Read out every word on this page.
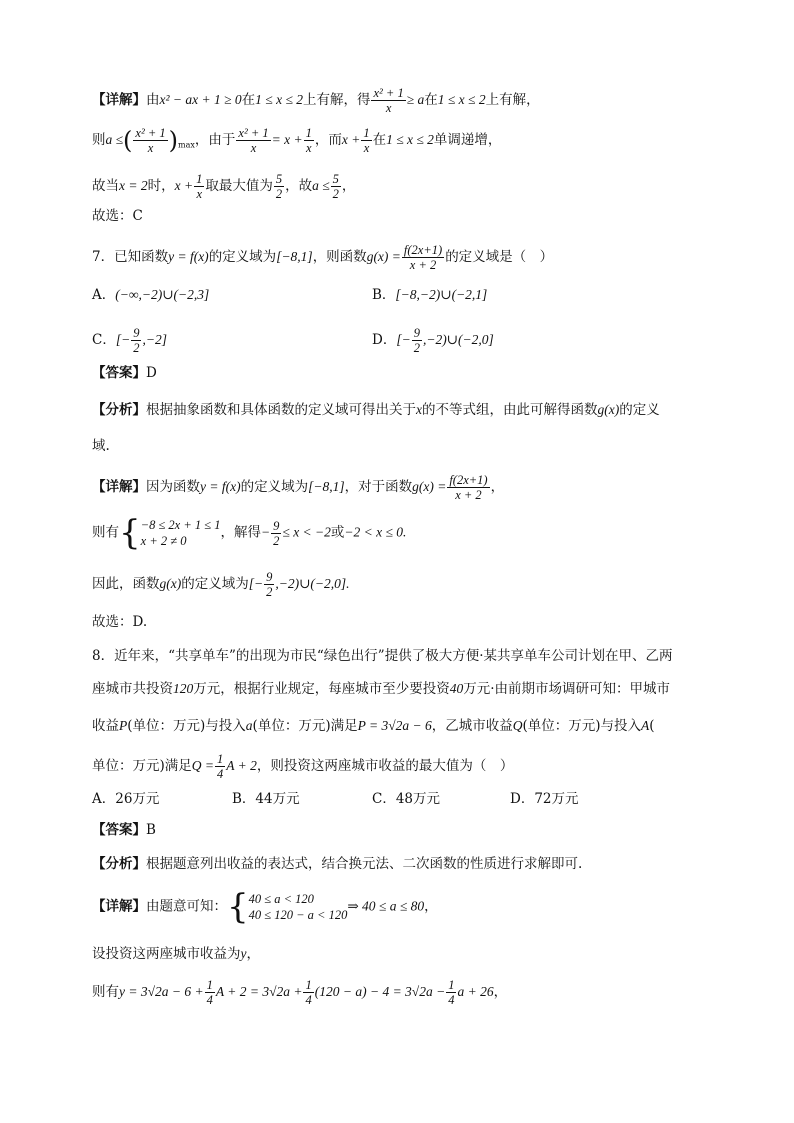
【详解】由x² − ax + 1 ≥ 0在1 ≤ x ≤ 2上有解，得 $\frac{\text{x² + 1}}{x} \ge a$在1 ≤ x ≤ 2上有解，
则a ≤( $\frac{\text{x² + 1}}{x} )_{max}$，由于 $\frac{\text{x² + 1}}{x} = x + \frac{1}{x}$ ，而$x + \frac{1}{x}$ 在1 ≤ x ≤ 2单调递增，
故当x = 2时，$x + \frac{1}{x}$ 取最大值为 $\frac{5}{2}$ ，故$a \le \frac{5}{2}$ ，
故选：C
7．已知函数y = f(x)的定义域为[−8,1]，则函数$g(x) = \frac{f(2x+1)}{x + 2}$ 的定义域是（　）
A．(−∞,−2)∪(−2,3]	B．[−8,−2)∪(−2,1]
C．[− $\frac{9}{2} ,-2$]	D．[− $\frac{9}{2}$ ,−2)∪(−2,0]
【答案】D
【分析】根据抽象函数和具体函数的定义域可得出关于x的不等式组，由此可解得函数g(x)的定义
域.
【详解】因为函数y = f(x)的定义域为[−8,1]，对于函数$g(x) = \frac{f(2x+1)}{x + 2}$ ，
则有 { −8 ≤ 2x + 1 ≤ 1
x + 2 ≠ 0
，解得− $\frac{9}{2} \le x < -2$或−2 < x ≤ 0.
因此，函数g(x)的定义域为[− $\frac{9}{2}$ ,−2)∪(−2,0].
故选：D.
8．近年来，“共享单车”的出现为市民“绿色出行”提供了极大方便·某共享单车公司计划在甲、乙两
座城市共投资120万元，根据行业规定，每座城市至少要投资40万元·由前期市场调研可知：甲城市
收益P(单位：万元)与投入a(单位：万元)满足P = 3√2a − 6，乙城市收益Q(单位：万元)与投入A(
单位：万元)满足$Q = \frac{1}{4}$ A + 2，则投资这两座城市收益的最大值为（　）
A．26万元	B．44万元	C．48万元	D．72万元
【答案】B
【分析】根据题意列出收益的表达式，结合换元法、二次函数的性质进行求解即可.
【详解】由题意可知： { 40 ≤ a < 120
40 ≤ 120 − a < 120
⇒ 40 ≤ a ≤ 80，
设投资这两座城市收益为y，
则有$y = 3√2a - 6 + \frac{1}{4}$ $A + 2 = 3√2a + \frac{1}{4} (120 - a) - 4 = 3√2a - \frac{1}{4}$ a + 26，
